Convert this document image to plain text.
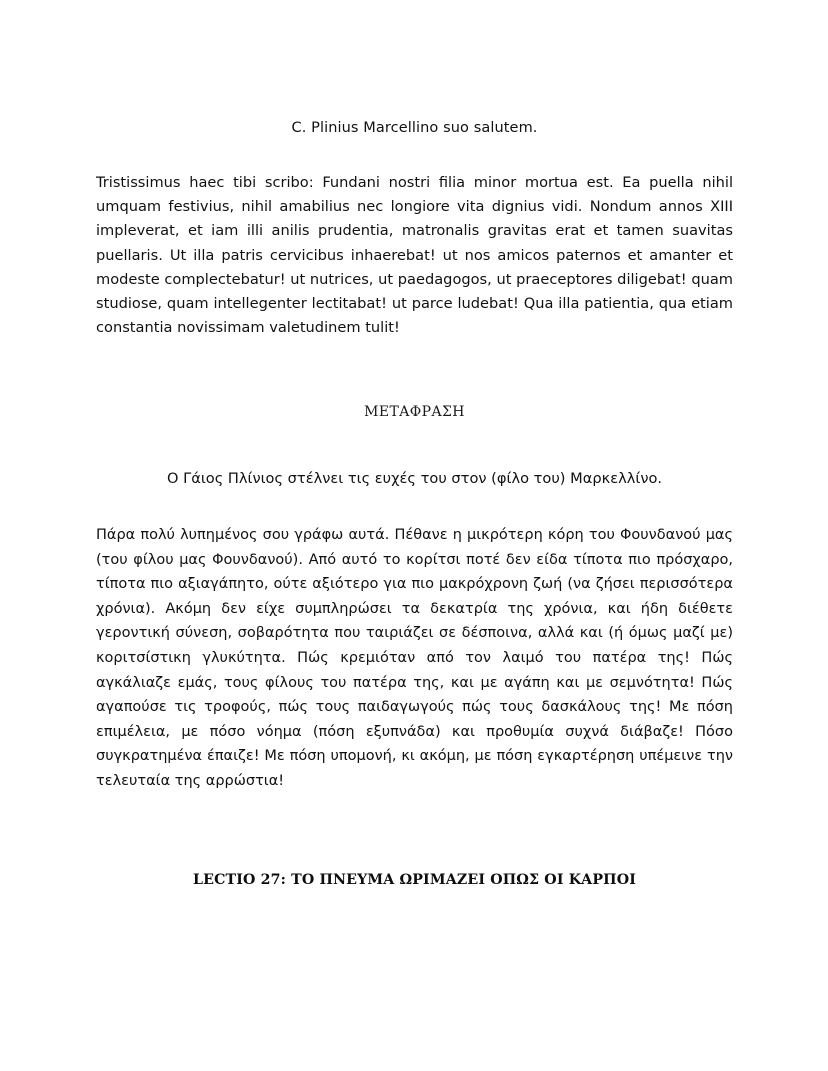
C. Plinius Marcellino suo salutem.
Tristissimus haec tibi scribo: Fundani nostri filia minor mortua est. Ea puella nihil umquam festivius, nihil amabilius nec longiore vita dignius vidi. Nondum annos XIII impleverat, et iam illi anilis prudentia, matronalis gravitas erat et tamen suavitas puellaris. Ut illa patris cervicibus inhaerebat! ut nos amicos paternos et amanter et modeste complectebatur! ut nutrices, ut paedagogos, ut praeceptores diligebat! quam studiose, quam intellegenter lectitabat! ut parce ludebat! Qua illa patientia, qua etiam constantia novissimam valetudinem tulit!
ΜΕΤΑΦΡΑΣΗ
Ο Γάιος Πλίνιος στέλνει τις ευχές του στον (φίλο του) Μαρκελλίνο.
Πάρα πολύ λυπημένος σου γράφω αυτά. Πέθανε η μικρότερη κόρη του Φουνδανού μας (του φίλου μας Φουνδανού). Από αυτό το κορίτσι ποτέ δεν είδα τίποτα πιο πρόσχαρο, τίποτα πιο αξιαγάπητο, ούτε αξιότερο για πιο μακρόχρονη ζωή (να ζήσει περισσότερα χρόνια). Ακόμη δεν είχε συμπληρώσει τα δεκατρία της χρόνια, και ήδη διέθετε γεροντική σύνεση, σοβαρότητα που ταιριάζει σε δέσποινα, αλλά και (ή όμως μαζί με) κοριτσίστικη γλυκύτητα. Πώς κρεμιόταν από τον λαιμό του πατέρα της! Πώς αγκάλιαζε εμάς, τους φίλους του πατέρα της, και με αγάπη και με σεμνότητα! Πώς αγαπούσε τις τροφούς, πώς τους παιδαγωγούς πώς τους δασκάλους της! Με πόση επιμέλεια, με πόσο νόημα (πόση εξυπνάδα) και προθυμία συχνά διάβαζε! Πόσο συγκρατημένα έπαιζε! Με πόση υπομονή, κι ακόμη, με πόση εγκαρτέρηση υπέμεινε την τελευταία της αρρώστια!
LECTIO 27: ΤΟ ΠΝΕΥΜΑ ΩΡΙΜΑΖΕΙ ΟΠΩΣ ΟΙ ΚΑΡΠΟΙ
